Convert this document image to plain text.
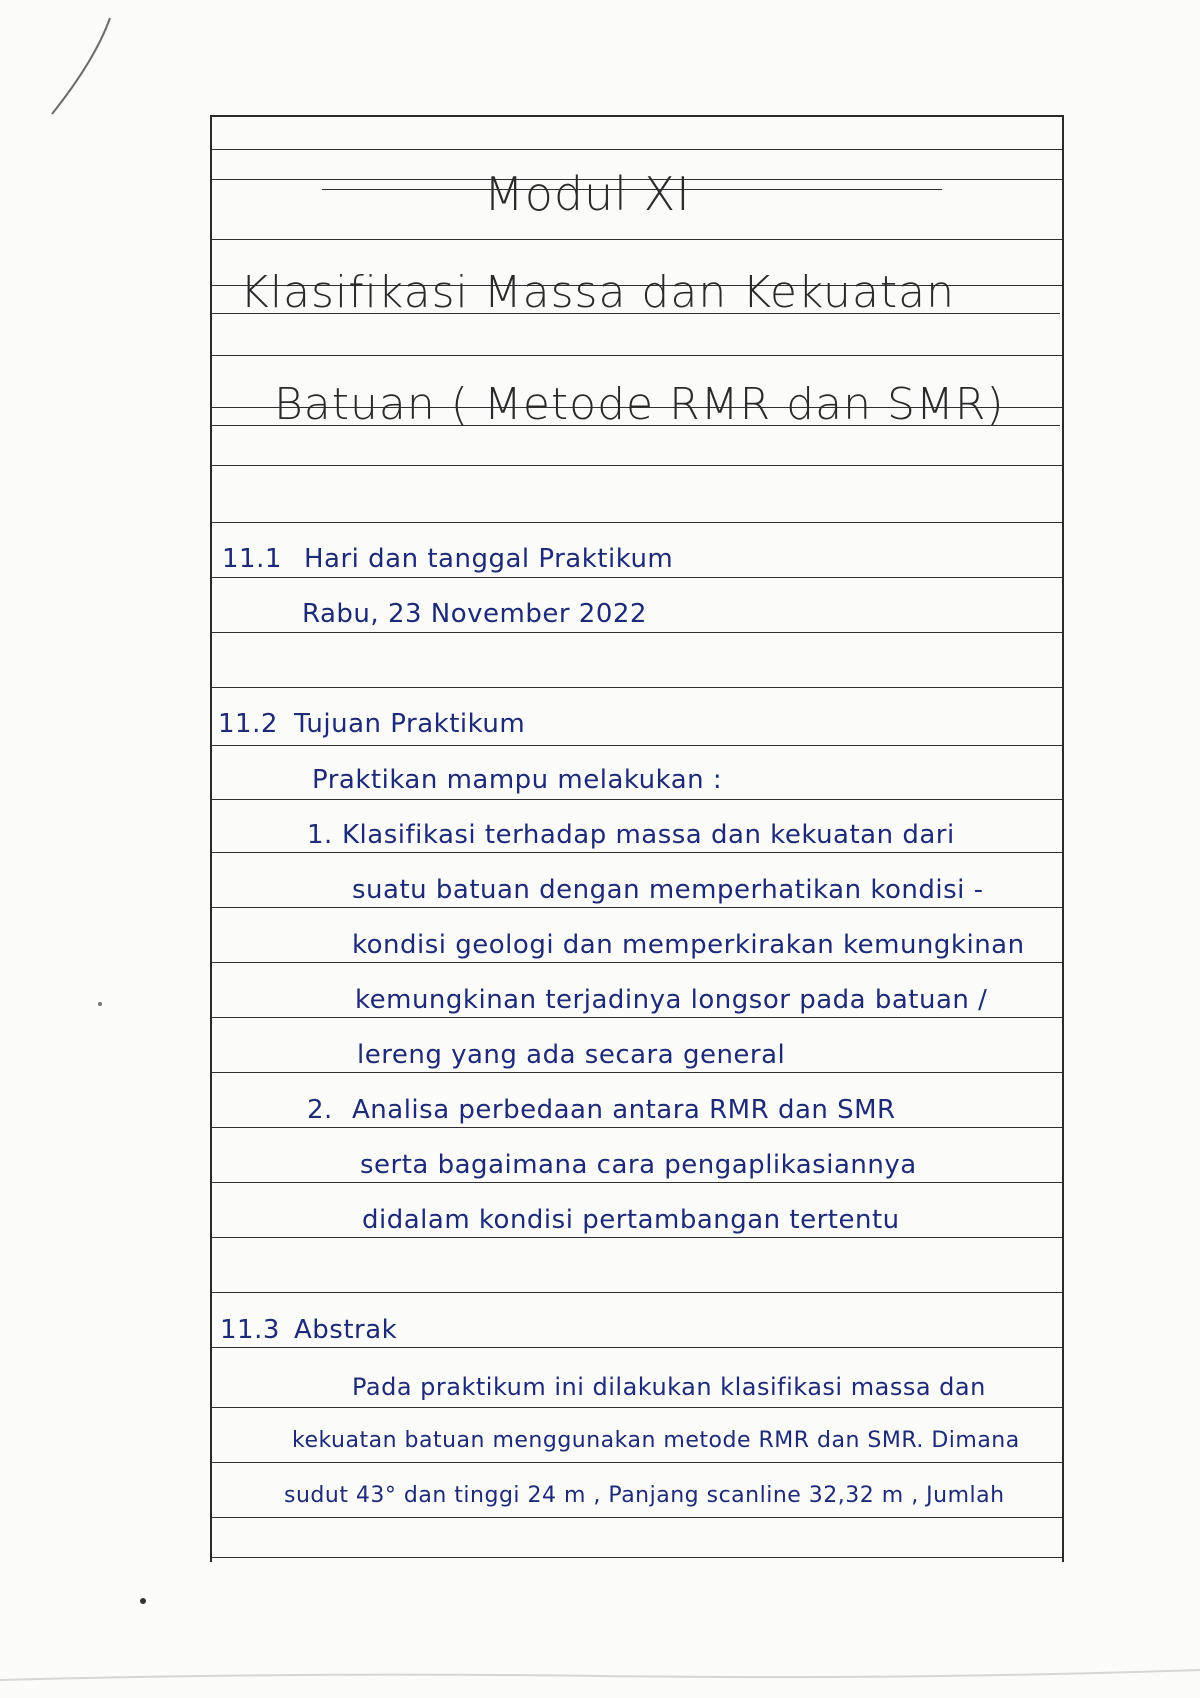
Modul XI
Klasifikasi Massa dan Kekuatan
Batuan ( Metode RMR dan SMR)
11.1 Hari dan tanggal Praktikum
Rabu, 23 November 2022
11.2 Tujuan Praktikum
Praktikan mampu melakukan :
1. Klasifikasi terhadap massa dan kekuatan dari
suatu batuan dengan memperhatikan kondisi -
kondisi geologi dan memperkirakan kemungkinan
kemungkinan terjadinya longsor pada batuan /
lereng yang ada secara general
2. Analisa perbedaan antara RMR dan SMR
serta bagaimana cara pengaplikasiannya
didalam kondisi pertambangan tertentu
11.3 Abstrak
Pada praktikum ini dilakukan klasifikasi massa dan
kekuatan batuan menggunakan metode RMR dan SMR. Dimana
sudut 43° dan tinggi 24 m , Panjang scanline 32,32 m , Jumlah
